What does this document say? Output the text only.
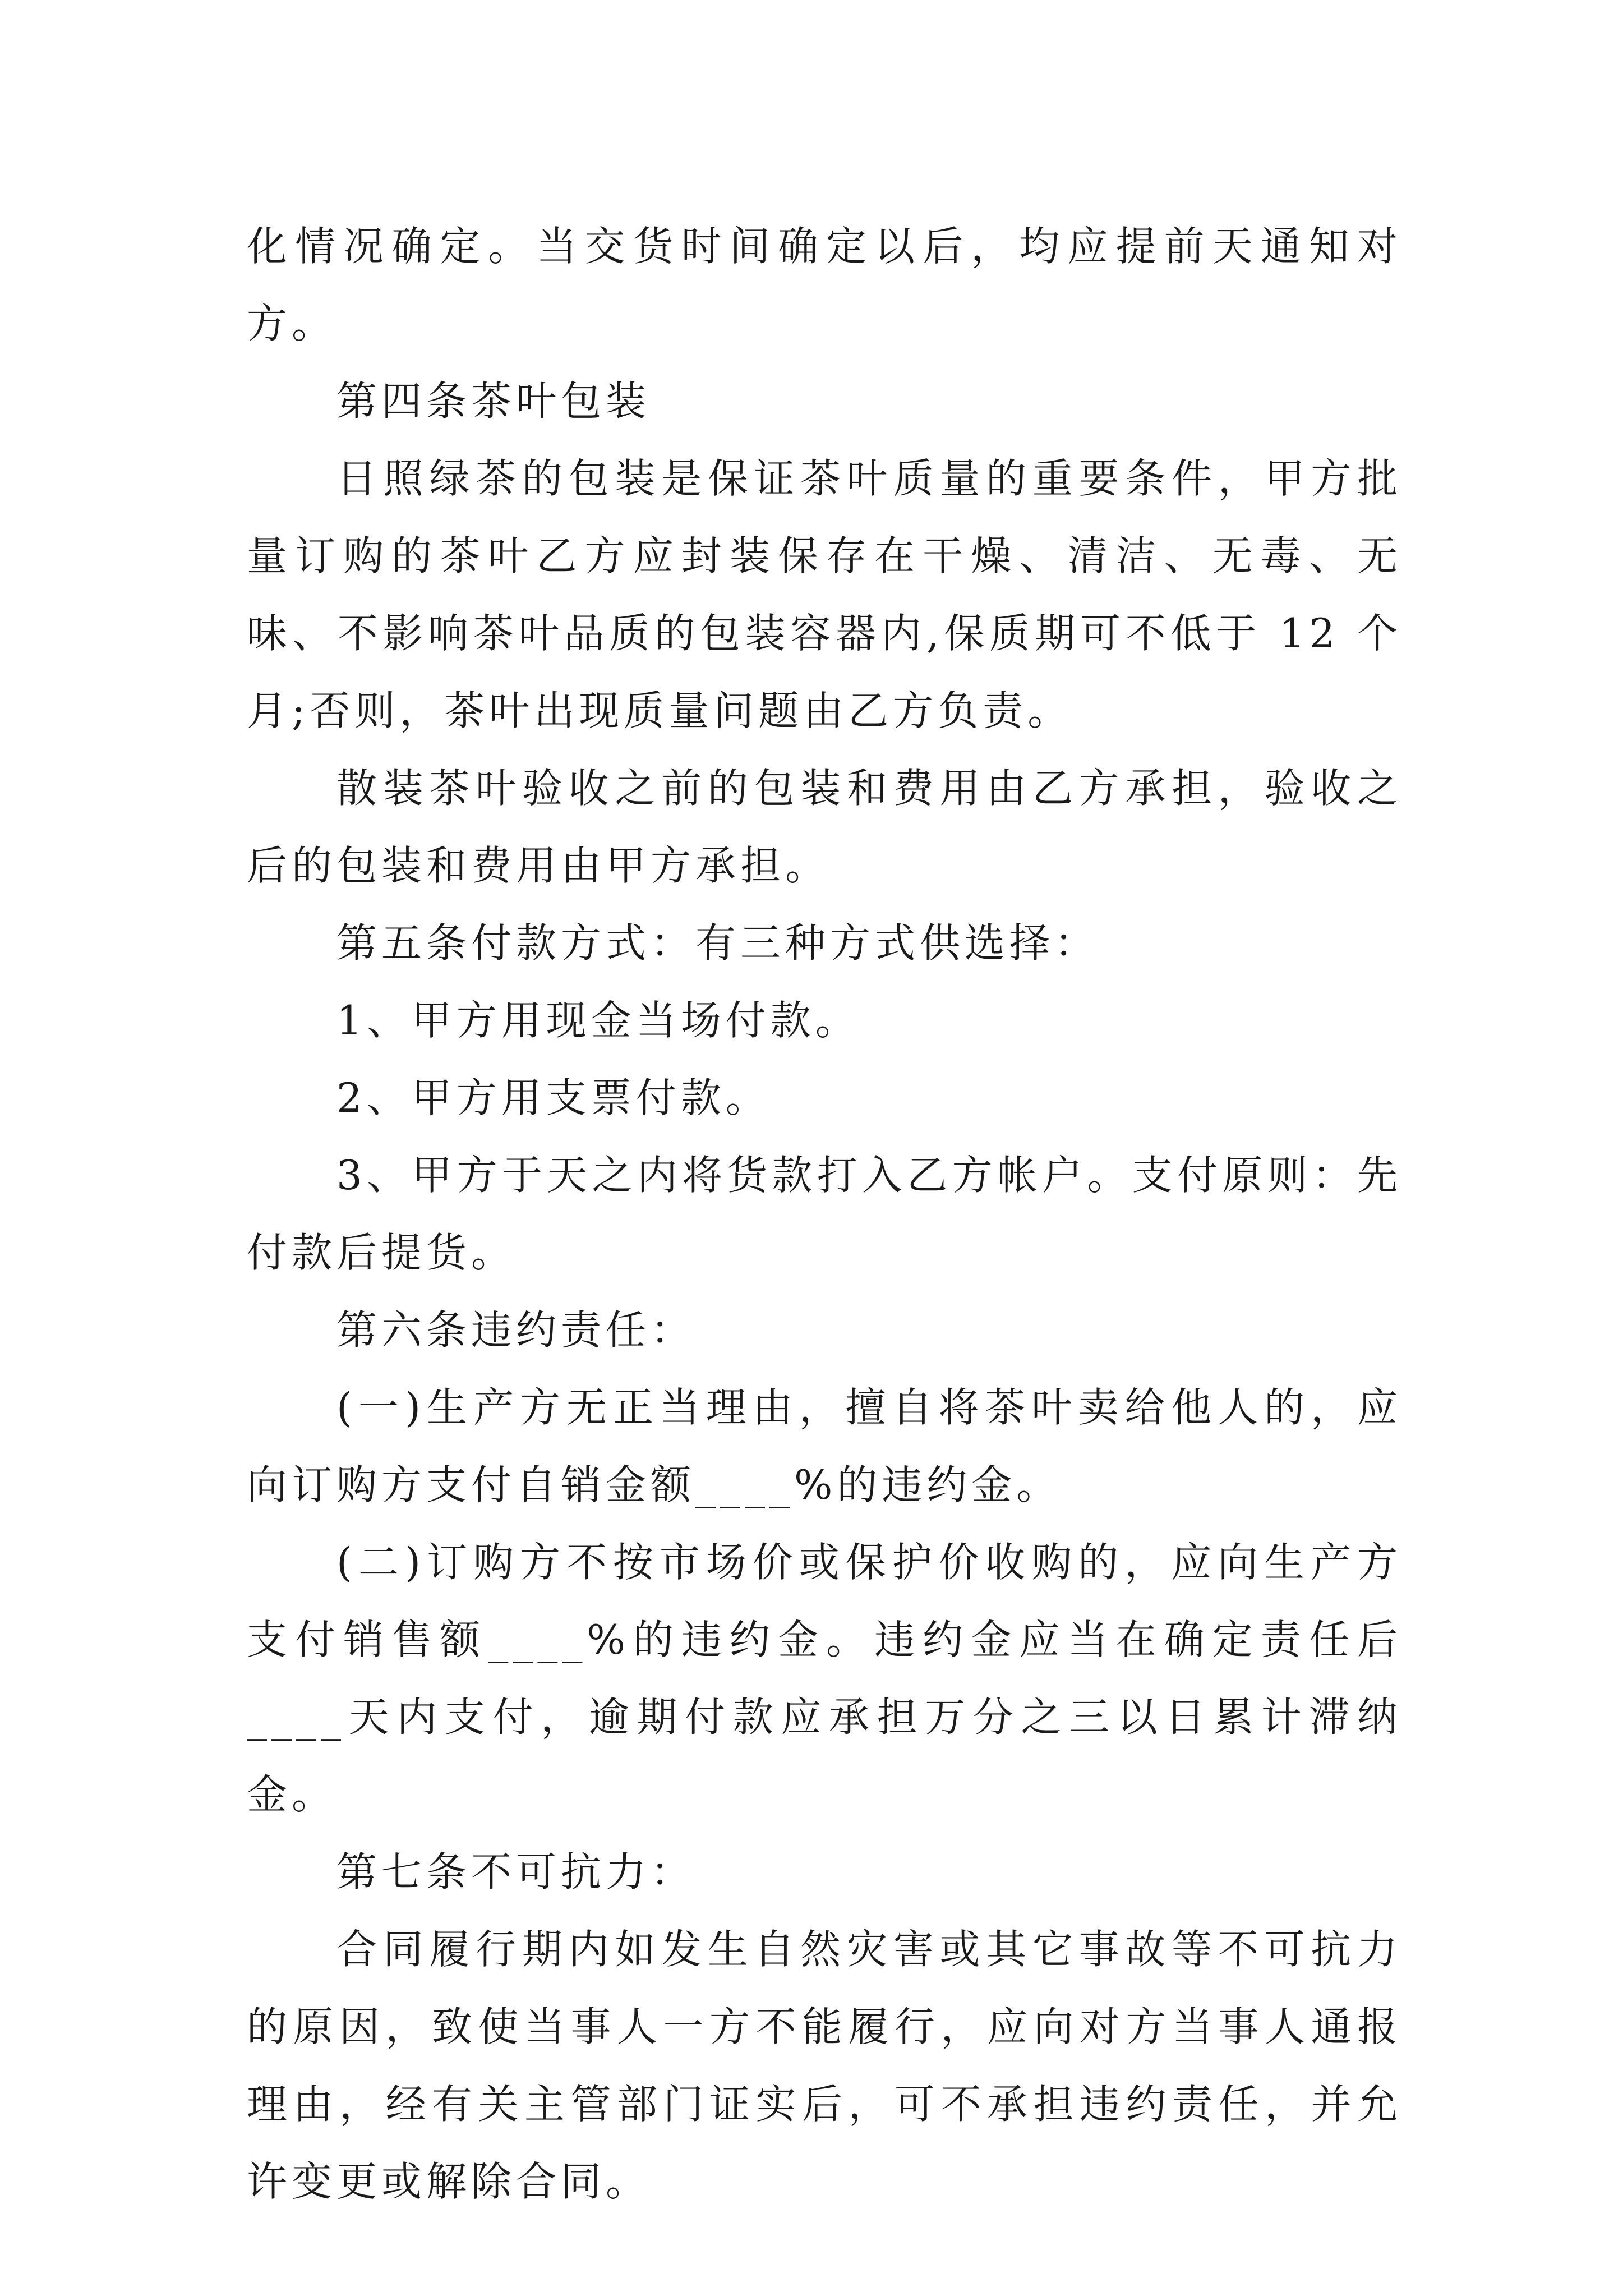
化情况确定。当交货时间确定以后，均应提前天通知对方。

第四条茶叶包装

日照绿茶的包装是保证茶叶质量的重要条件，甲方批量订购的茶叶乙方应封装保存在干燥、清洁、无毒、无味、不影响茶叶品质的包装容器内,保质期可不低于 12 个月;否则，茶叶出现质量问题由乙方负责。

散装茶叶验收之前的包装和费用由乙方承担，验收之后的包装和费用由甲方承担。

第五条付款方式：有三种方式供选择：

1、甲方用现金当场付款。

2、甲方用支票付款。

3、甲方于天之内将货款打入乙方帐户。支付原则：先付款后提货。

第六条违约责任：

(一)生产方无正当理由，擅自将茶叶卖给他人的，应向订购方支付自销金额____%的违约金。

(二)订购方不按市场价或保护价收购的，应向生产方支付销售额____%的违约金。违约金应当在确定责任后____天内支付，逾期付款应承担万分之三以日累计滞纳金。

第七条不可抗力：

合同履行期内如发生自然灾害或其它事故等不可抗力的原因，致使当事人一方不能履行，应向对方当事人通报理由，经有关主管部门证实后，可不承担违约责任，并允许变更或解除合同。
